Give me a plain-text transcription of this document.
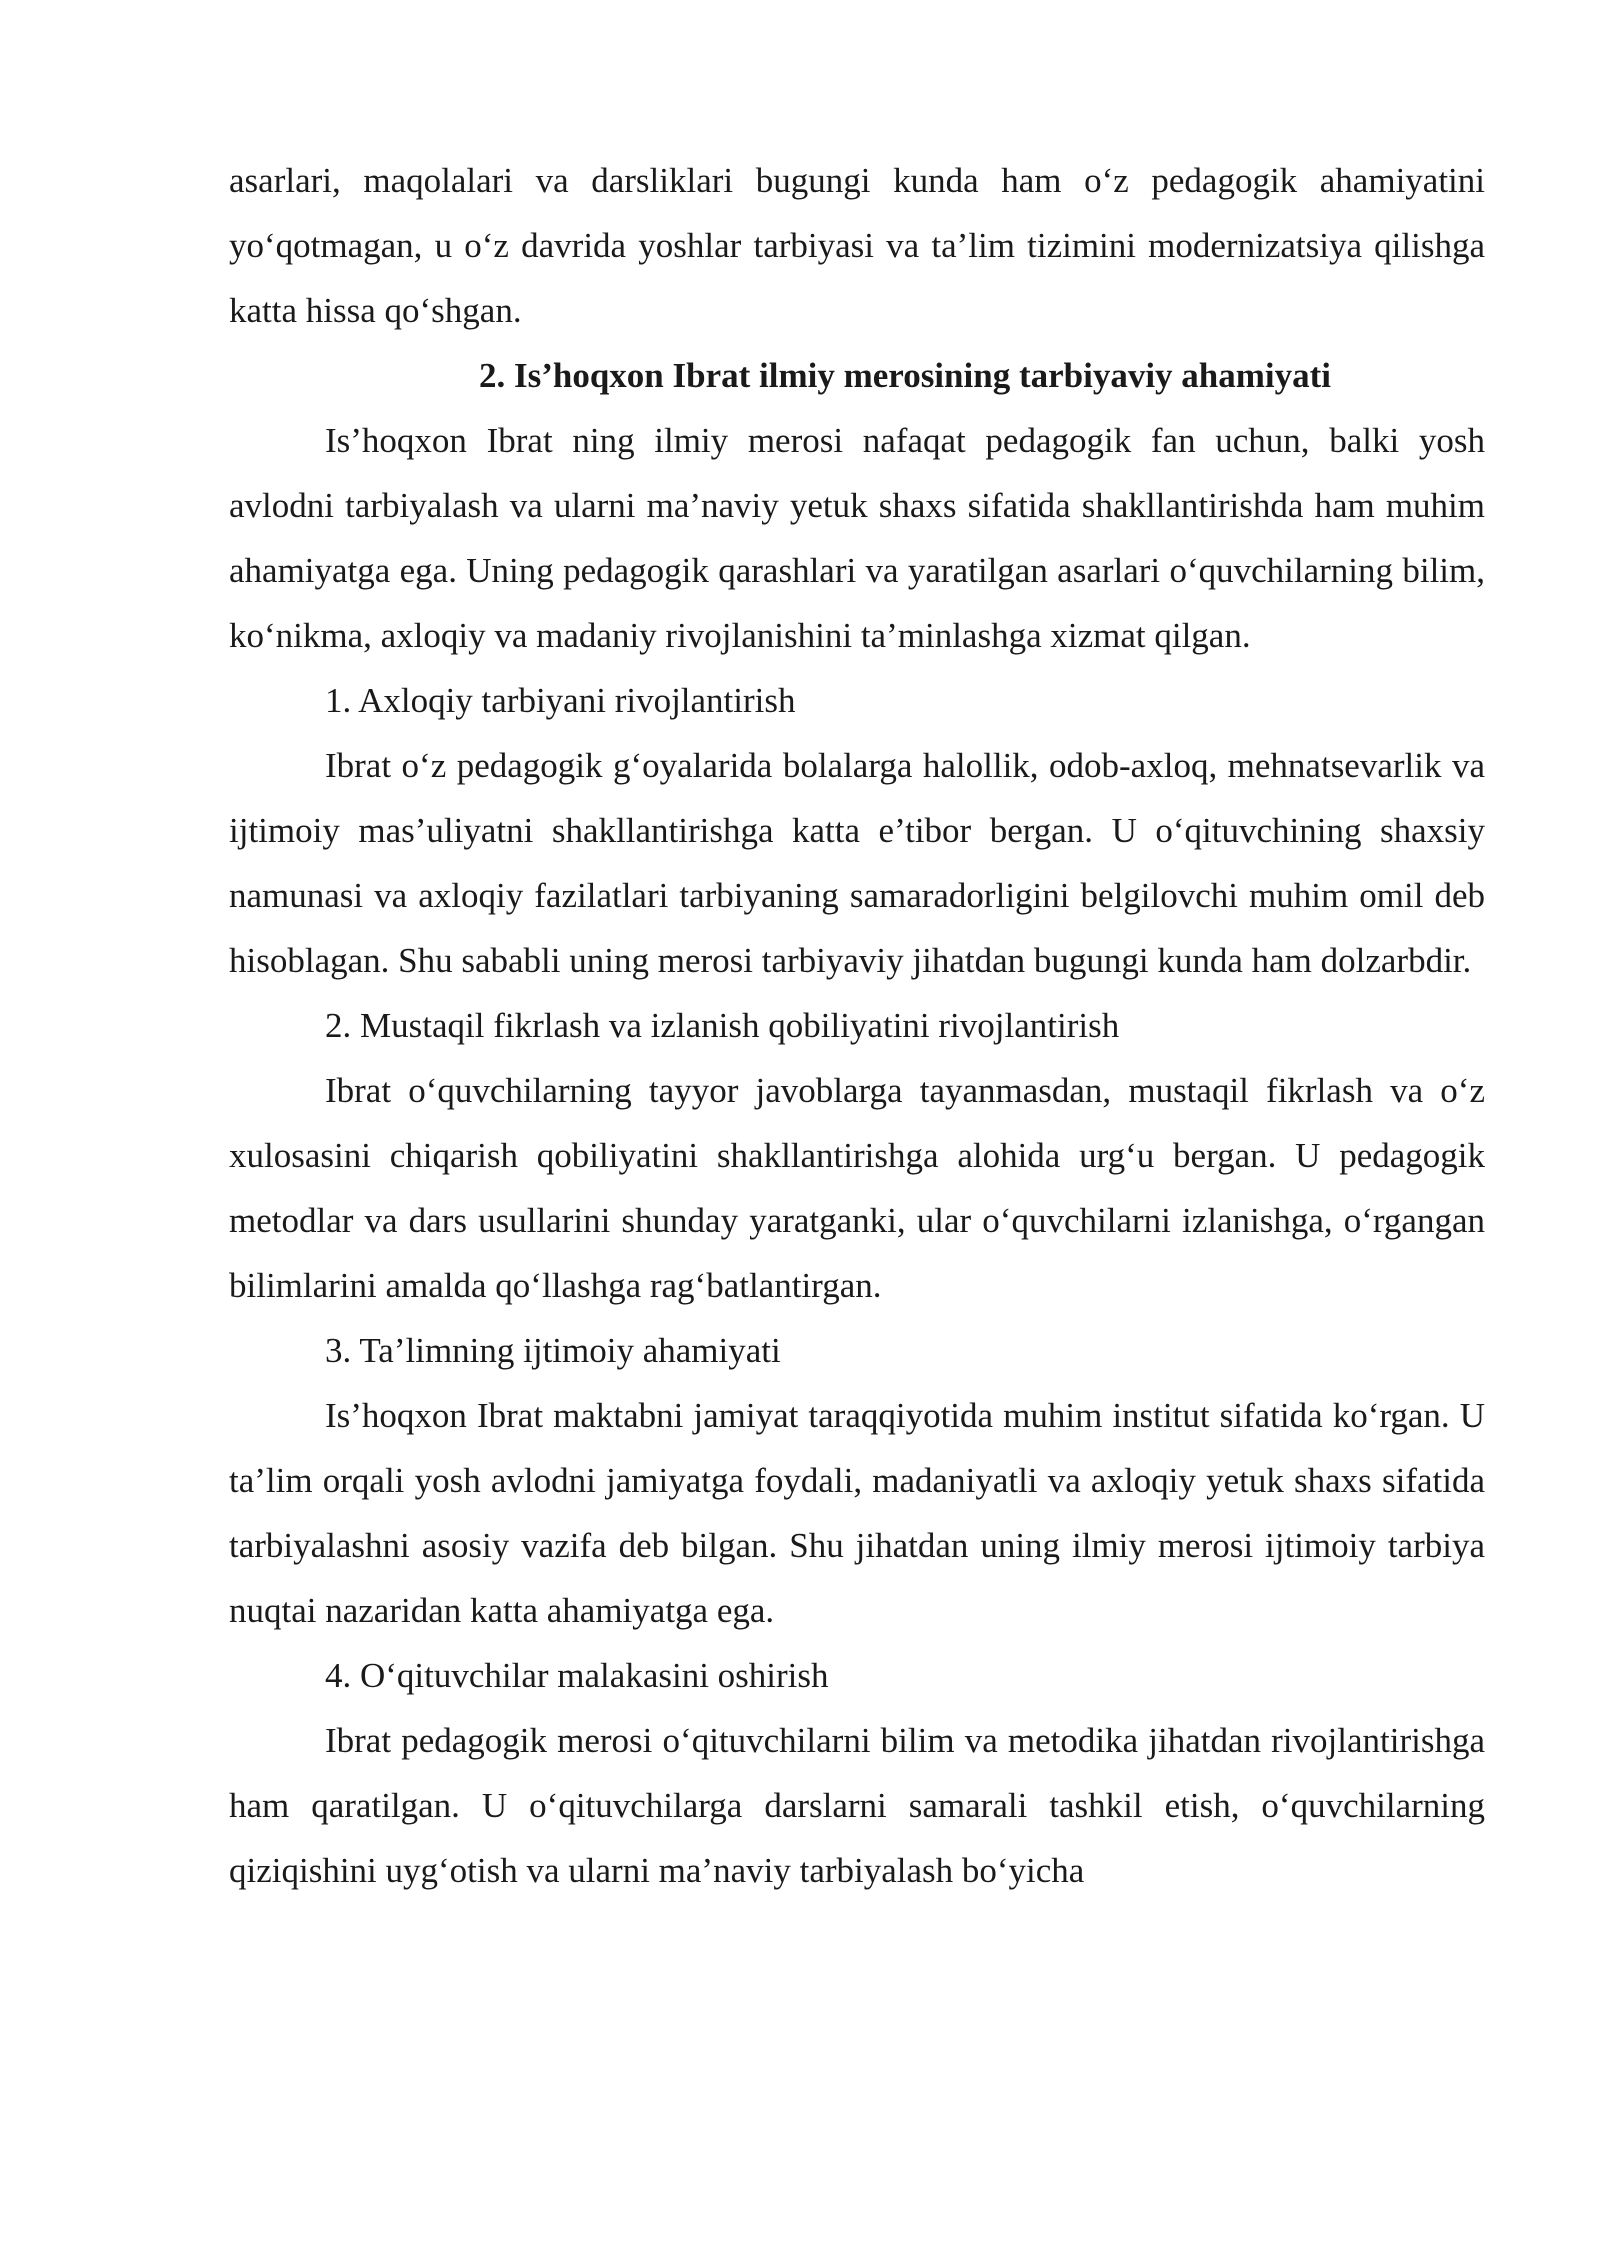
asarlari, maqolalari va darsliklari bugungi kunda ham o‘z pedagogik ahamiyatini yo‘qotmagan, u o‘z davrida yoshlar tarbiyasi va ta’lim tizimini modernizatsiya qilishga katta hissa qo‘shgan.

2. Is’hoqxon Ibrat ilmiy merosining tarbiyaviy ahamiyati

Is’hoqxon Ibrat ning ilmiy merosi nafaqat pedagogik fan uchun, balki yosh avlodni tarbiyalash va ularni ma’naviy yetuk shaxs sifatida shakllantirishda ham muhim ahamiyatga ega. Uning pedagogik qarashlari va yaratilgan asarlari o‘quvchilarning bilim, ko‘nikma, axloqiy va madaniy rivojlanishini ta’minlashga xizmat qilgan.

1. Axloqiy tarbiyani rivojlantirish

Ibrat o‘z pedagogik g‘oyalarida bolalarga halollik, odob-axloq, mehnatsevarlik va ijtimoiy mas’uliyatni shakllantirishga katta e’tibor bergan. U o‘qituvchining shaxsiy namunasi va axloqiy fazilatlari tarbiyaning samaradorligini belgilovchi muhim omil deb hisoblagan. Shu sababli uning merosi tarbiyaviy jihatdan bugungi kunda ham dolzarbdir.

2. Mustaqil fikrlash va izlanish qobiliyatini rivojlantirish

Ibrat o‘quvchilarning tayyor javoblarga tayanmasdan, mustaqil fikrlash va o‘z xulosasini chiqarish qobiliyatini shakllantirishga alohida urg‘u bergan. U pedagogik metodlar va dars usullarini shunday yaratganki, ular o‘quvchilarni izlanishga, o‘rgangan bilimlarini amalda qo‘llashga rag‘batlantirgan.

3. Ta’limning ijtimoiy ahamiyati

Is’hoqxon Ibrat maktabni jamiyat taraqqiyotida muhim institut sifatida ko‘rgan. U ta’lim orqali yosh avlodni jamiyatga foydali, madaniyatli va axloqiy yetuk shaxs sifatida tarbiyalashni asosiy vazifa deb bilgan. Shu jihatdan uning ilmiy merosi ijtimoiy tarbiya nuqtai nazaridan katta ahamiyatga ega.

4. O‘qituvchilar malakasini oshirish

Ibrat pedagogik merosi o‘qituvchilarni bilim va metodika jihatdan rivojlantirishga ham qaratilgan. U o‘qituvchilarga darslarni samarali tashkil etish, o‘quvchilarning qiziqishini uyg‘otish va ularni ma’naviy tarbiyalash bo‘yicha
